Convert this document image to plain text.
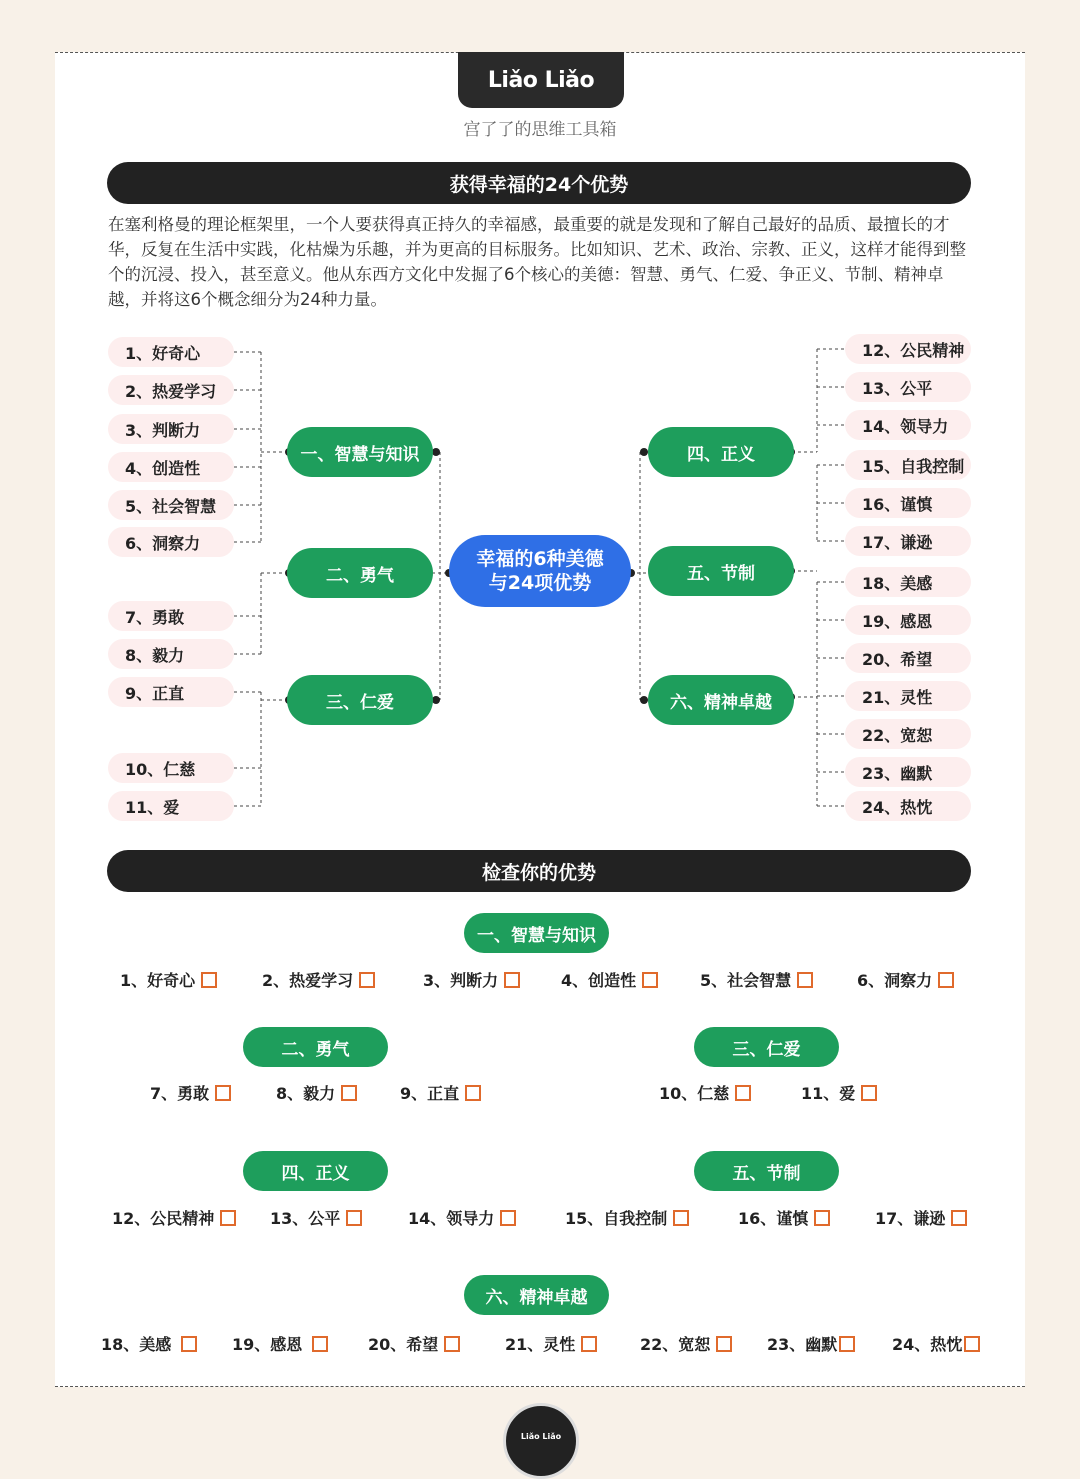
Liǎo Liǎo
宫了了的思维工具箱
获得幸福的24个优势
在塞利格曼的理论框架里，一个人要获得真正持久的幸福感，最重要的就是发现和了解自己最好的品质、最擅长的才华，反复在生活中实践，化枯燥为乐趣，并为更高的目标服务。比如知识、艺术、政治、宗教、正义，这样才能得到整个的沉浸、投入，甚至意义。他从东西方文化中发掘了6个核心的美德：智慧、勇气、仁爱、争正义、节制、精神卓越，并将这6个概念细分为24种力量。
1、好奇心
2、热爱学习
3、判断力
4、创造性
5、社会智慧
6、洞察力
7、勇敢
8、毅力
9、正直
10、仁慈
11、爱
一、智慧与知识
二、勇气
三、仁爱
四、正义
五、节制
六、精神卓越
幸福的6种美德
与24项优势
12、公民精神
13、公平
14、领导力
15、自我控制
16、谨慎
17、谦逊
18、美感
19、感恩
20、希望
21、灵性
22、宽恕
23、幽默
24、热忱
检查你的优势
一、智慧与知识
1、好奇心	2、热爱学习	3、判断力	4、创造性	5、社会智慧	6、洞察力
二、勇气	三、仁爱
7、勇敢	8、毅力	9、正直	10、仁慈	11、爱
四、正义	五、节制
12、公民精神	13、公平	14、领导力	15、自我控制	16、谨慎	17、谦逊
六、精神卓越
18、美感	19、感恩	20、希望	21、灵性	22、宽恕	23、幽默	24、热忱
Liǎo Liǎo
